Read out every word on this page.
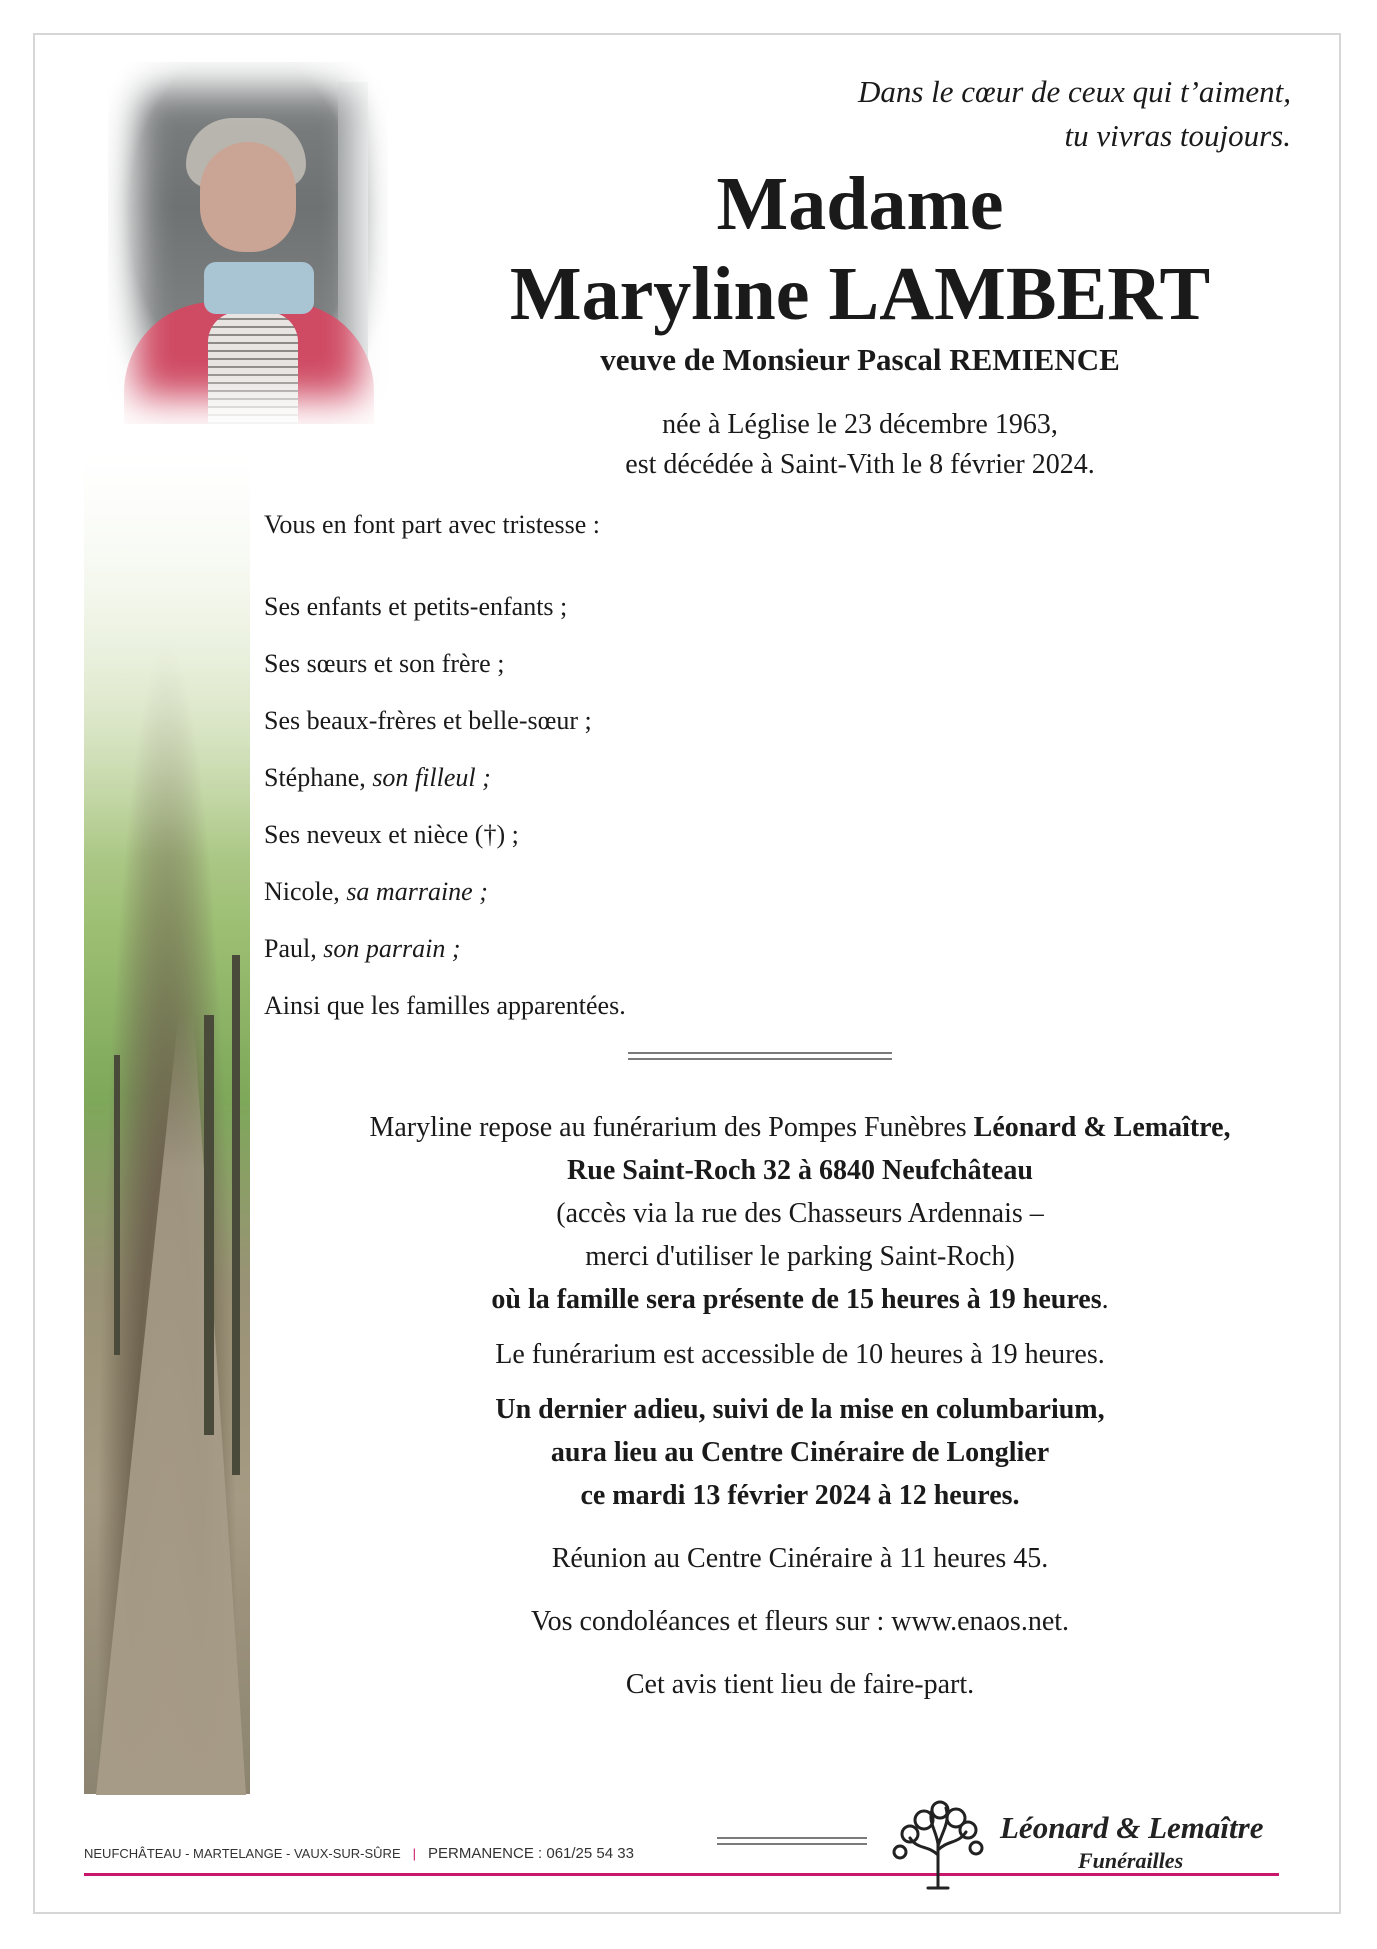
Dans le cœur de ceux qui t’aiment,
tu vivras toujours.
Madame
Maryline LAMBERT
veuve de Monsieur Pascal REMIENCE
née à Léglise le 23 décembre 1963,
est décédée à Saint-Vith le 8 février 2024.
Vous en font part avec tristesse :
Ses enfants et petits-enfants ;
Ses sœurs et son frère ;
Ses beaux-frères et belle-sœur ;
Stéphane, son filleul ;
Ses neveux et nièce (†) ;
Nicole, sa marraine ;
Paul, son parrain ;
Ainsi que les familles apparentées.
Maryline repose au funérarium des Pompes Funèbres Léonard & Lemaître,
Rue Saint-Roch 32 à 6840 Neufchâteau
(accès via la rue des Chasseurs Ardennais –
merci d'utiliser le parking Saint-Roch)
où la famille sera présente de 15 heures à 19 heures.
Le funérarium est accessible de 10 heures à 19 heures.
Un dernier adieu, suivi de la mise en columbarium,
aura lieu au Centre Cinéraire de Longlier
ce mardi 13 février 2024 à 12 heures.
Réunion au Centre Cinéraire à 11 heures 45.
Vos condoléances et fleurs sur : www.enaos.net.
Cet avis tient lieu de faire-part.
NEUFCHÂTEAU - MARTELANGE - VAUX-SUR-SÛRE | PERMANENCE : 061/25 54 33
Léonard & Lemaître
Funérailles
